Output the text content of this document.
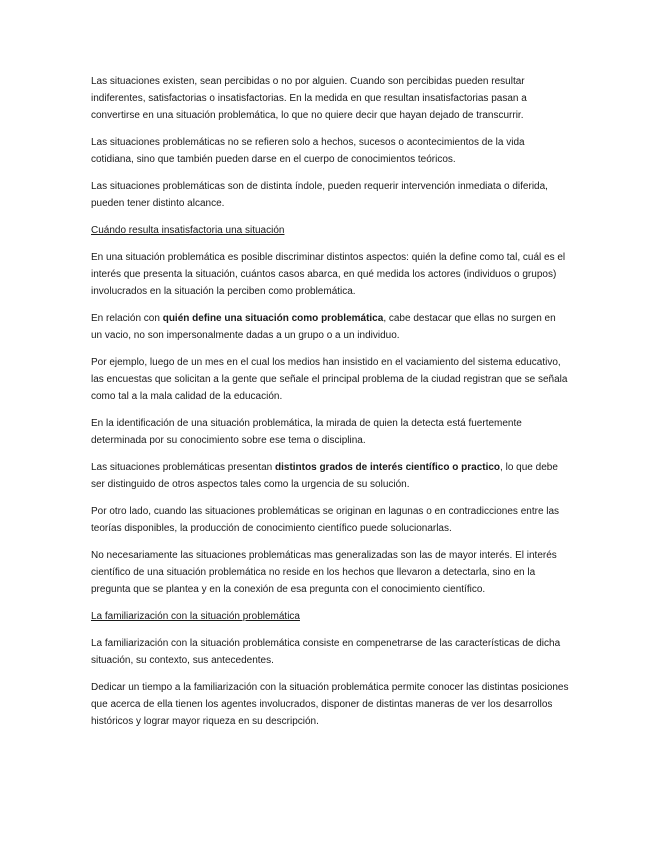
Las situaciones existen, sean percibidas o no por alguien. Cuando son percibidas pueden resultar indiferentes, satisfactorias o insatisfactorias. En la medida en que resultan insatisfactorias pasan a convertirse en una situación problemática, lo que no quiere decir que hayan dejado de transcurrir.

Las situaciones problemáticas no se refieren solo a hechos, sucesos o acontecimientos de la vida cotidiana, sino que también pueden darse en el cuerpo de conocimientos teóricos.

Las situaciones problemáticas son de distinta índole, pueden requerir intervención inmediata o diferida, pueden tener distinto alcance.

Cuándo resulta insatisfactoria una situación

En una situación problemática es posible discriminar distintos aspectos: quién la define como tal, cuál es el interés que presenta la situación, cuántos casos abarca, en qué medida los actores (individuos o grupos) involucrados en la situación la perciben como problemática.

En relación con quién define una situación como problemática, cabe destacar que ellas no surgen en un vacio, no son impersonalmente dadas a un grupo o a un individuo.

Por ejemplo, luego de un mes en el cual los medios han insistido en el vaciamiento del sistema educativo, las encuestas que solicitan a la gente que señale el principal problema de la ciudad registran que se señala como tal a la mala calidad de la educación.

En la identificación de una situación problemática, la mirada de quien la detecta está fuertemente determinada por su conocimiento sobre ese tema o disciplina.

Las situaciones problemáticas presentan distintos grados de interés científico o practico, lo que debe ser distinguido de otros aspectos tales como la urgencia de su solución.

Por otro lado, cuando las situaciones problemáticas se originan en lagunas o en contradicciones entre las teorías disponibles, la producción de conocimiento científico puede solucionarlas.

No necesariamente las situaciones problemáticas mas generalizadas son las de mayor interés. El interés científico de una situación problemática no reside en los hechos que llevaron a detectarla, sino en la pregunta que se plantea y en la conexión de esa pregunta con el conocimiento científico.

La familiarización con la situación problemática

La familiarización con la situación problemática consiste en compenetrarse de las características de dicha situación, su contexto, sus antecedentes.

Dedicar un tiempo a la familiarización con la situación problemática permite conocer las distintas posiciones que acerca de ella tienen los agentes involucrados, disponer de distintas maneras de ver los desarrollos históricos y lograr mayor riqueza en su descripción.
